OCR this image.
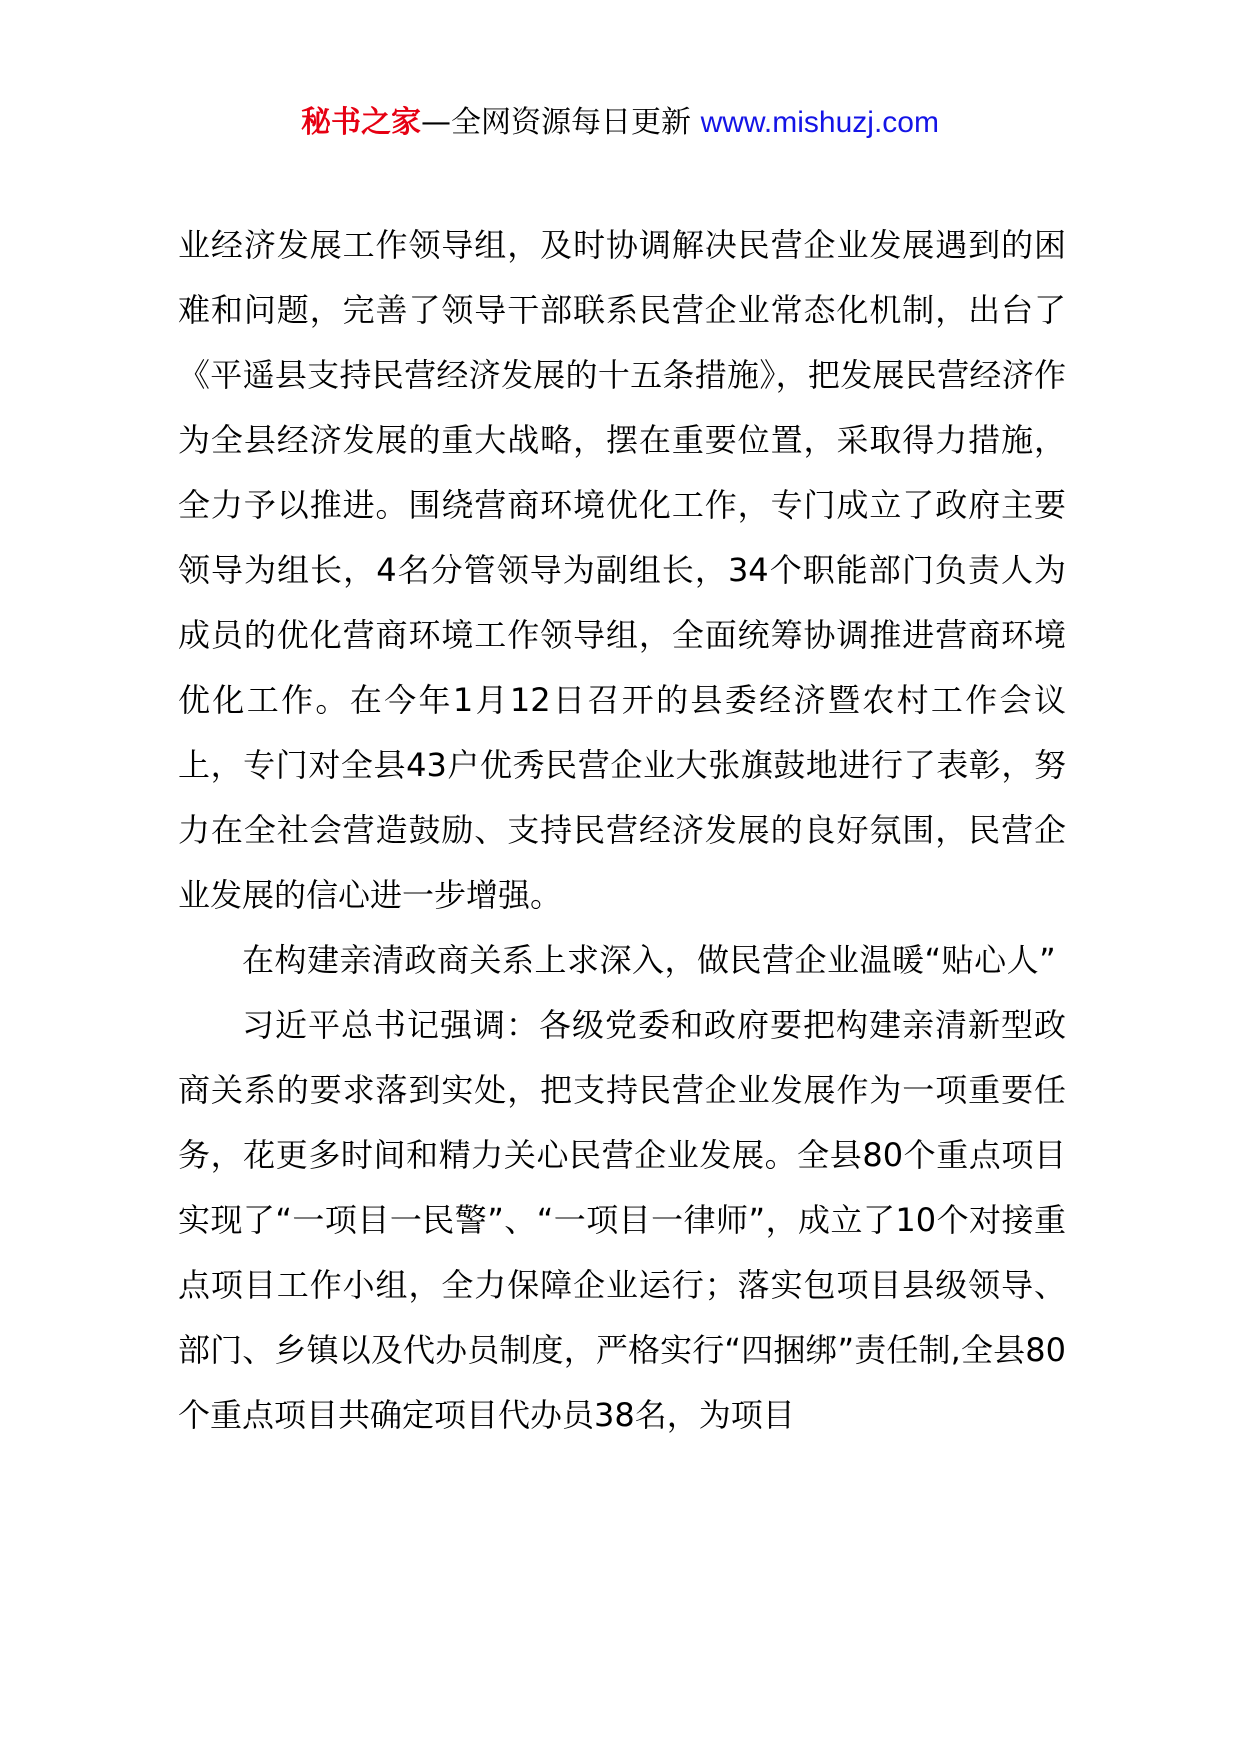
秘书之家—全网资源每日更新 www.mishuzj.com

业经济发展工作领导组，及时协调解决民营企业发展遇到的困难和问题，完善了领导干部联系民营企业常态化机制，出台了《平遥县支持民营经济发展的十五条措施》，把发展民营经济作为全县经济发展的重大战略，摆在重要位置，采取得力措施，全力予以推进。围绕营商环境优化工作，专门成立了政府主要领导为组长，4名分管领导为副组长，34个职能部门负责人为成员的优化营商环境工作领导组，全面统筹协调推进营商环境优化工作。在今年1月12日召开的县委经济暨农村工作会议上，专门对全县43户优秀民营企业大张旗鼓地进行了表彰，努力在全社会营造鼓励、支持民营经济发展的良好氛围，民营企业发展的信心进一步增强。

在构建亲清政商关系上求深入，做民营企业温暖“贴心人”

习近平总书记强调：各级党委和政府要把构建亲清新型政商关系的要求落到实处，把支持民营企业发展作为一项重要任务，花更多时间和精力关心民营企业发展。全县80个重点项目实现了“一项目一民警”、“一项目一律师”，成立了10个对接重点项目工作小组，全力保障企业运行；落实包项目县级领导、部门、乡镇以及代办员制度，严格实行“四捆绑”责任制,全县80个重点项目共确定项目代办员38名，为项目
